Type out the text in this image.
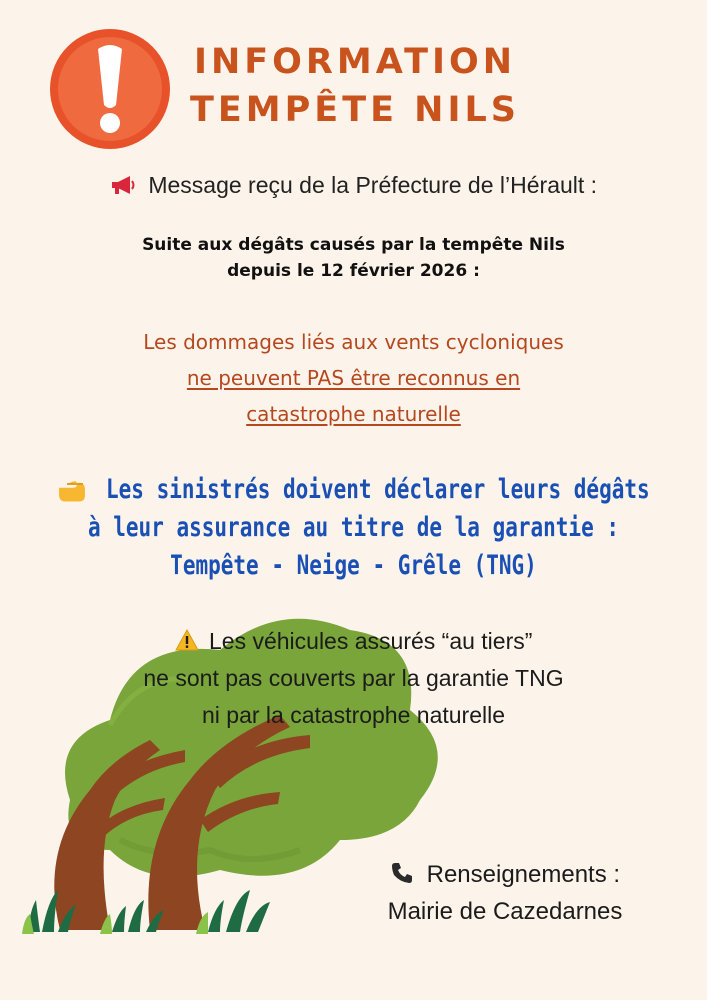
INFORMATION
TEMPÊTE NILS
Message reçu de la Préfecture de l’Hérault :
Suite aux dégâts causés par la tempête Nils
depuis le 12 février 2026 :
Les dommages liés aux vents cycloniques
ne peuvent PAS être reconnus en
catastrophe naturelle
Les sinistrés doivent déclarer leurs dégâts
à leur assurance au titre de la garantie :
Tempête - Neige - Grêle (TNG)
Les véhicules assurés “au tiers”
ne sont pas couverts par la garantie TNG
ni par la catastrophe naturelle
Renseignements :
Mairie de Cazedarnes
